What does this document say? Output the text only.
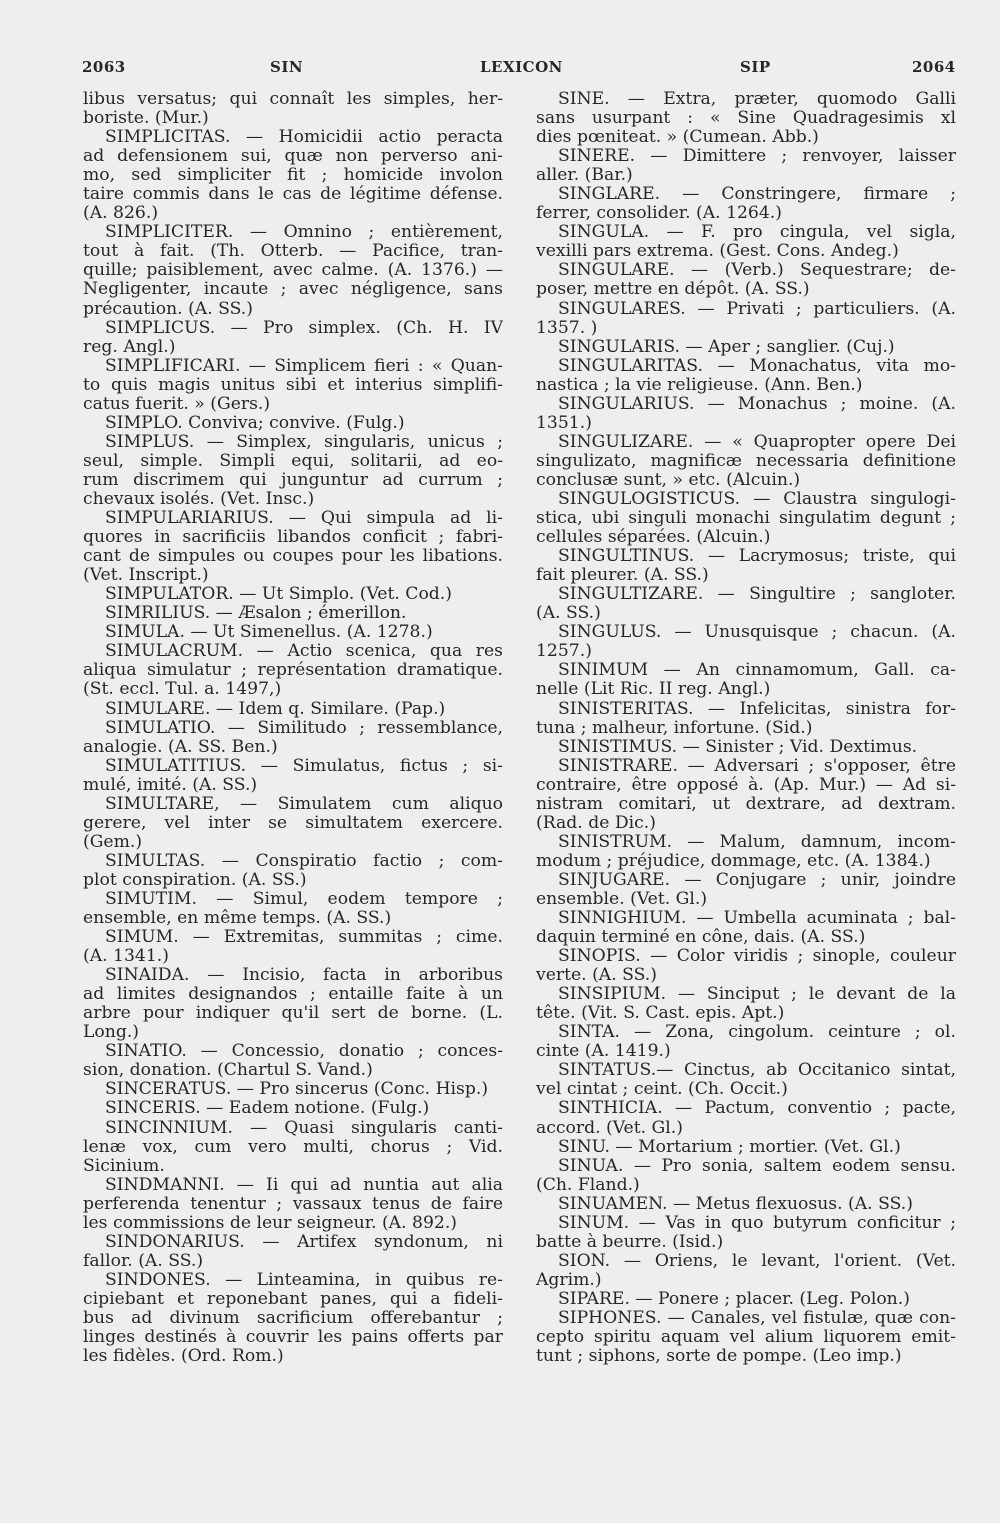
2063	SIN	LEXICON	SIP	2064
libus versatus; qui connaît les simples, her-
boriste. (Mur.)
SIMPLICITAS. — Homicidii actio peracta
ad defensionem sui, quæ non perverso ani-
mo, sed simpliciter fit ; homicide involon
taire commis dans le cas de légitime défense.
(A. 826.)
SIMPLICITER. — Omnino ; entièrement,
tout à fait. (Th. Otterb. — Pacifice, tran-
quille; paisiblement, avec calme. (A. 1376.) —
Negligenter, incaute ; avec négligence, sans
précaution. (A. SS.)
SIMPLICUS. — Pro simplex. (Ch. H. IV
reg. Angl.)
SIMPLIFICARI. — Simplicem fieri : « Quan-
to quis magis unitus sibi et interius simplifi-
catus fuerit. » (Gers.)
SIMPLO. Conviva; convive. (Fulg.)
SIMPLUS. — Simplex, singularis, unicus ;
seul, simple. Simpli equi, solitarii, ad eo-
rum discrimem qui junguntur ad currum ;
chevaux isolés. (Vet. Insc.)
SIMPULARIARIUS. — Qui simpula ad li-
quores in sacrificiis libandos conficit ; fabri-
cant de simpules ou coupes pour les libations.
(Vet. Inscript.)
SIMPULATOR. — Ut Simplo. (Vet. Cod.)
SIMRILIUS. — Æsalon ; émerillon.
SIMULA. — Ut Simenellus. (A. 1278.)
SIMULACRUM. — Actio scenica, qua res
aliqua simulatur ; représentation dramatique.
(St. eccl. Tul. a. 1497,)
SIMULARE. — Idem q. Similare. (Pap.)
SIMULATIO. — Similitudo ; ressemblance,
analogie. (A. SS. Ben.)
SIMULATITIUS. — Simulatus, fictus ; si-
mulé, imité. (A. SS.)
SIMULTARE, — Simulatem cum aliquo
gerere, vel inter se simultatem exercere.
(Gem.)
SIMULTAS. — Conspiratio factio ; com-
plot conspiration. (A. SS.)
SIMUTIM. — Simul, eodem tempore ;
ensemble, en même temps. (A. SS.)
SIMUM. — Extremitas, summitas ; cime.
(A. 1341.)
SINAIDA. — Incisio, facta in arboribus
ad limites designandos ; entaille faite à un
arbre pour indiquer qu'il sert de borne. (L.
Long.)
SINATIO. — Concessio, donatio ; conces-
sion, donation. (Chartul S. Vand.)
SINCERATUS. — Pro sincerus (Conc. Hisp.)
SINCERIS. — Eadem notione. (Fulg.)
SINCINNIUM. — Quasi singularis canti-
lenæ vox, cum vero multi, chorus ; Vid.
Sicinium.
SINDMANNI. — Ii qui ad nuntia aut alia
perferenda tenentur ; vassaux tenus de faire
les commissions de leur seigneur. (A. 892.)
SINDONARIUS. — Artifex syndonum, ni
fallor. (A. SS.)
SINDONES. — Linteamina, in quibus re-
cipiebant et reponebant panes, qui a fideli-
bus ad divinum sacrificium offerebantur ;
linges destinés à couvrir les pains offerts par
les fidèles. (Ord. Rom.)
SINE. — Extra, præter, quomodo Galli
sans usurpant : « Sine Quadragesimis xl
dies pœniteat. » (Cumean. Abb.)
SINERE. — Dimittere ; renvoyer, laisser
aller. (Bar.)
SINGLARE. — Constringere, firmare ;
ferrer, consolider. (A. 1264.)
SINGULA. — F. pro cingula, vel sigla,
vexilli pars extrema. (Gest. Cons. Andeg.)
SINGULARE. — (Verb.) Sequestrare; de-
poser, mettre en dépôt. (A. SS.)
SINGULARES. — Privati ; particuliers. (A.
1357. )
SINGULARIS. — Aper ; sanglier. (Cuj.)
SINGULARITAS. — Monachatus, vita mo-
nastica ; la vie religieuse. (Ann. Ben.)
SINGULARIUS. — Monachus ; moine. (A.
1351.)
SINGULIZARE. — « Quapropter opere Dei
singulizato, magnificæ necessaria definitione
conclusæ sunt, » etc. (Alcuin.)
SINGULOGISTICUS. — Claustra singulogi-
stica, ubi singuli monachi singulatim degunt ;
cellules séparées. (Alcuin.)
SINGULTINUS. — Lacrymosus; triste, qui
fait pleurer. (A. SS.)
SINGULTIZARE. — Singultire ; sangloter.
(A. SS.)
SINGULUS. — Unusquisque ; chacun. (A.
1257.)
SINIMUM — An cinnamomum, Gall. ca-
nelle (Lit Ric. II reg. Angl.)
SINISTERITAS. — Infelicitas, sinistra for-
tuna ; malheur, infortune. (Sid.)
SINISTIMUS. — Sinister ; Vid. Dextimus.
SINISTRARE. — Adversari ; s'opposer, être
contraire, être opposé à. (Ap. Mur.) — Ad si-
nistram comitari, ut dextrare, ad dextram.
(Rad. de Dic.)
SINISTRUM. — Malum, damnum, incom-
modum ; préjudice, dommage, etc. (A. 1384.)
SINJUGARE. — Conjugare ; unir, joindre
ensemble. (Vet. Gl.)
SINNIGHIUM. — Umbella acuminata ; bal-
daquin terminé en cône, dais. (A. SS.)
SINOPIS. — Color viridis ; sinople, couleur
verte. (A. SS.)
SINSIPIUM. — Sinciput ; le devant de la
tête. (Vit. S. Cast. epis. Apt.)
SINTA. — Zona, cingolum. ceinture ; ol.
cinte (A. 1419.)
SINTATUS.— Cinctus, ab Occitanico sintat,
vel cintat ; ceint. (Ch. Occit.)
SINTHICIA. — Pactum, conventio ; pacte,
accord. (Vet. Gl.)
SINU. — Mortarium ; mortier. (Vet. Gl.)
SINUA. — Pro sonia, saltem eodem sensu.
(Ch. Fland.)
SINUAMEN. — Metus flexuosus. (A. SS.)
SINUM. — Vas in quo butyrum conficitur ;
batte à beurre. (Isid.)
SION. — Oriens, le levant, l'orient. (Vet.
Agrim.)
SIPARE. — Ponere ; placer. (Leg. Polon.)
SIPHONES. — Canales, vel fistulæ, quæ con-
cepto spiritu aquam vel alium liquorem emit-
tunt ; siphons, sorte de pompe. (Leo imp.)
